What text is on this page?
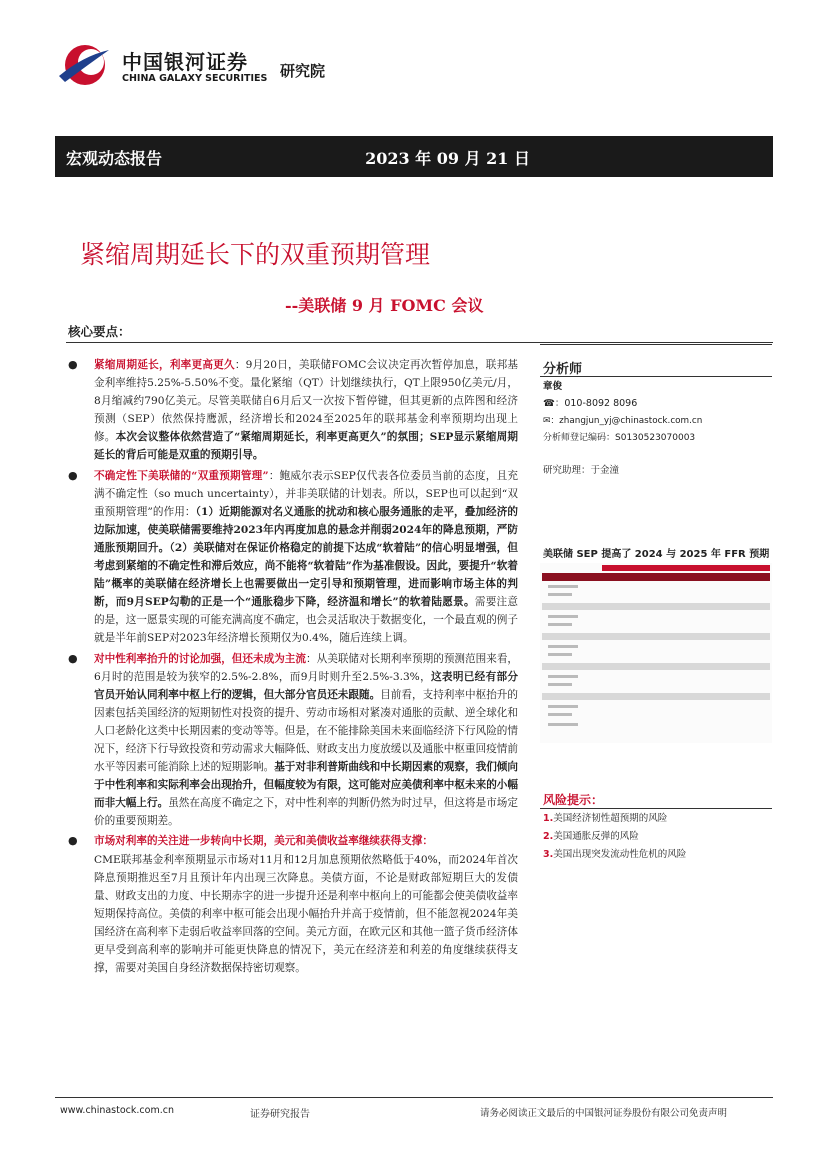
中国银河证券
CHINA GALAXY SECURITIES 研究院
宏观动态报告	2023 年 09 月 21 日
紧缩周期延长下的双重预期管理
--美联储 9 月 FOMC 会议
核心要点：

● 紧缩周期延长，利率更高更久：9月20日，美联储FOMC会议决定再次暂停加息，联邦基金利率维持5.25%-5.50%不变。量化紧缩（QT）计划继续执行，QT上限950亿美元/月，8月缩减约790亿美元。尽管美联储自6月后又一次按下暂停键，但其更新的点阵图和经济预测（SEP）依然保持鹰派，经济增长和2024至2025年的联邦基金利率预期均出现上修。本次会议整体依然营造了“紧缩周期延长，利率更高更久”的氛围；SEP显示紧缩周期延长的背后可能是双重的预期引导。

● 不确定性下美联储的“双重预期管理”：鲍威尔表示SEP仅代表各位委员当前的态度，且充满不确定性（so much uncertainty），并非美联储的计划表。所以，SEP也可以起到“双重预期管理”的作用：（1）近期能源对名义通胀的扰动和核心服务通胀的走平，叠加经济的边际加速，使美联储需要维持2023年内再度加息的悬念并削弱2024年的降息预期，严防通胀预期回升。（2）美联储对在保证价格稳定的前提下达成“软着陆”的信心明显增强，但考虑到紧缩的不确定性和滞后效应，尚不能将“软着陆”作为基准假设。因此，要提升“软着陆”概率的美联储在经济增长上也需要做出一定引导和预期管理，进而影响市场主体的判断，而9月SEP勾勒的正是一个“通胀稳步下降，经济温和增长”的软着陆愿景。需要注意的是，这一愿景实现的可能充满高度不确定，也会灵活取决于数据变化，一个最直观的例子就是半年前SEP对2023年经济增长预期仅为0.4%，随后连续上调。

● 对中性利率抬升的讨论加强，但还未成为主流：从美联储对长期利率预期的预测范围来看，6月时的范围是较为狭窄的2.5%-2.8%，而9月时则升至2.5%-3.3%，这表明已经有部分官员开始认同利率中枢上行的逻辑，但大部分官员还未跟随。目前看，支持利率中枢抬升的因素包括美国经济的短期韧性对投资的提升、劳动市场相对紧凑对通胀的贡献、逆全球化和人口老龄化这类中长期因素的变动等等。但是，在不能排除美国未来面临经济下行风险的情况下，经济下行导致投资和劳动需求大幅降低、财政支出力度放缓以及通胀中枢重回疫情前水平等因素可能消除上述的短期影响。基于对非利普斯曲线和中长期因素的观察，我们倾向于中性利率和实际利率会出现抬升，但幅度较为有限，这可能对应美债利率中枢未来的小幅而非大幅上行。虽然在高度不确定之下，对中性利率的判断仍然为时过早，但这将是市场定价的重要预期差。

● 市场对利率的关注进一步转向中长期，美元和美债收益率继续获得支撑：
CME联邦基金利率预期显示市场对11月和12月加息预期依然略低于40%，而2024年首次降息预期推迟至7月且预计年内出现三次降息。美债方面，不论是财政部短期巨大的发债量、财政支出的力度、中长期赤字的进一步提升还是利率中枢向上的可能都会使美债收益率短期保持高位。美债的利率中枢可能会出现小幅抬升并高于疫情前，但不能忽视2024年美国经济在高利率下走弱后收益率回落的空间。美元方面，在欧元区和其他一篮子货币经济体更早受到高利率的影响并可能更快降息的情况下，美元在经济差和利差的角度继续获得支撑，需要对美国自身经济数据保持密切观察。

分析师
章俊
☎：010-8092 8096
✉：zhangjun_yj@chinastock.com.cn
分析师登记编码：S0130523070003
研究助理：于金潼
美联储 SEP 提高了 2024 与 2025 年 FFR 预期
风险提示：
1.美国经济韧性超预期的风险
2.美国通胀反弹的风险
3.美国出现突发流动性危机的风险
www.chinastock.com.cn	证券研究报告	请务必阅读正文最后的中国银河证券股份有限公司免责声明
